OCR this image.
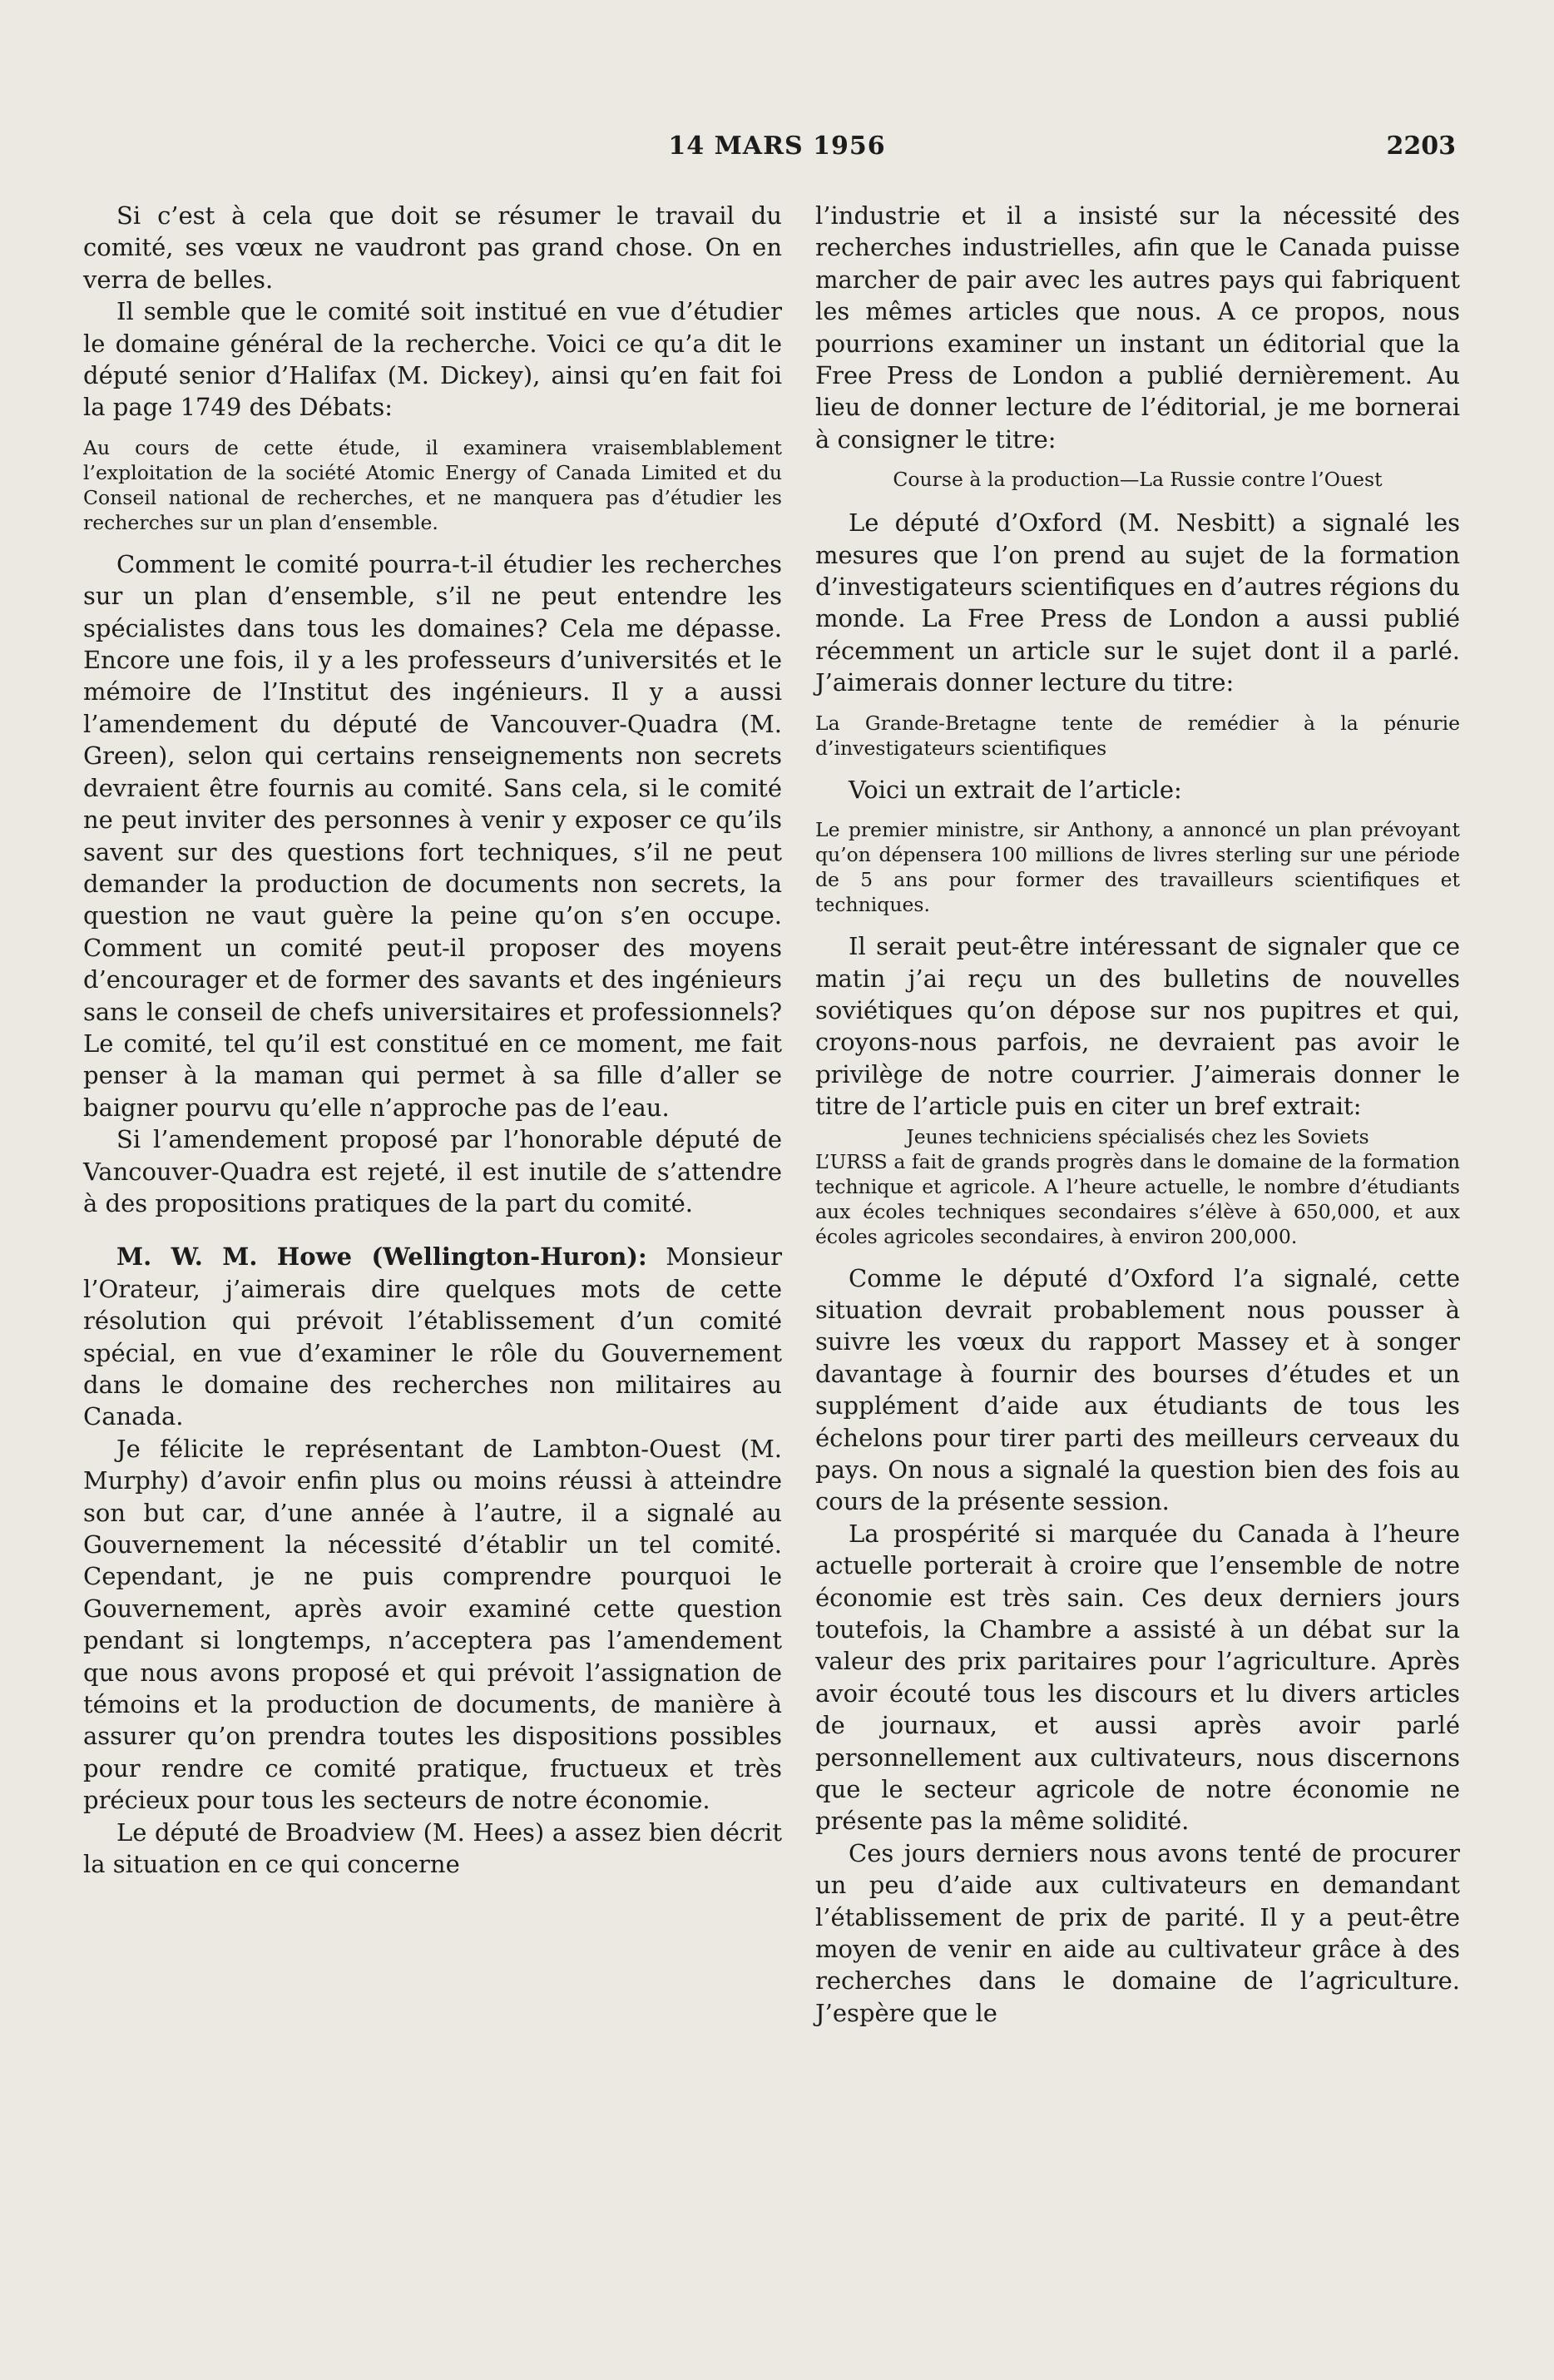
14 MARS 1956	2203

Si c’est à cela que doit se résumer le travail du comité, ses vœux ne vaudront pas grand chose. On en verra de belles.

Il semble que le comité soit institué en vue d’étudier le domaine général de la recherche. Voici ce qu’a dit le député senior d’Halifax (M. Dickey), ainsi qu’en fait foi la page 1749 des Débats:

Au cours de cette étude, il examinera vraisemblablement l’exploitation de la société Atomic Energy of Canada Limited et du Conseil national de recherches, et ne manquera pas d’étudier les recherches sur un plan d’ensemble.

Comment le comité pourra-t-il étudier les recherches sur un plan d’ensemble, s’il ne peut entendre les spécialistes dans tous les domaines? Cela me dépasse. Encore une fois, il y a les professeurs d’universités et le mémoire de l’Institut des ingénieurs. Il y a aussi l’amendement du député de Vancouver-Quadra (M. Green), selon qui certains renseignements non secrets devraient être fournis au comité. Sans cela, si le comité ne peut inviter des personnes à venir y exposer ce qu’ils savent sur des questions fort techniques, s’il ne peut demander la production de documents non secrets, la question ne vaut guère la peine qu’on s’en occupe. Comment un comité peut-il proposer des moyens d’encourager et de former des savants et des ingénieurs sans le conseil de chefs universitaires et professionnels? Le comité, tel qu’il est constitué en ce moment, me fait penser à la maman qui permet à sa fille d’aller se baigner pourvu qu’elle n’approche pas de l’eau.

Si l’amendement proposé par l’honorable député de Vancouver-Quadra est rejeté, il est inutile de s’attendre à des propositions pratiques de la part du comité.

M. W. M. Howe (Wellington-Huron): Monsieur l’Orateur, j’aimerais dire quelques mots de cette résolution qui prévoit l’établissement d’un comité spécial, en vue d’examiner le rôle du Gouvernement dans le domaine des recherches non militaires au Canada.

Je félicite le représentant de Lambton-Ouest (M. Murphy) d’avoir enfin plus ou moins réussi à atteindre son but car, d’une année à l’autre, il a signalé au Gouvernement la nécessité d’établir un tel comité. Cependant, je ne puis comprendre pourquoi le Gouvernement, après avoir examiné cette question pendant si longtemps, n’acceptera pas l’amendement que nous avons proposé et qui prévoit l’assignation de témoins et la production de documents, de manière à assurer qu’on prendra toutes les dispositions possibles pour rendre ce comité pratique, fructueux et très précieux pour tous les secteurs de notre économie.

Le député de Broadview (M. Hees) a assez bien décrit la situation en ce qui concerne

l’industrie et il a insisté sur la nécessité des recherches industrielles, afin que le Canada puisse marcher de pair avec les autres pays qui fabriquent les mêmes articles que nous. A ce propos, nous pourrions examiner un instant un éditorial que la Free Press de London a publié dernièrement. Au lieu de donner lecture de l’éditorial, je me bornerai à consigner le titre:

Course à la production—La Russie contre l’Ouest

Le député d’Oxford (M. Nesbitt) a signalé les mesures que l’on prend au sujet de la formation d’investigateurs scientifiques en d’autres régions du monde. La Free Press de London a aussi publié récemment un article sur le sujet dont il a parlé. J’aimerais donner lecture du titre:

La Grande-Bretagne tente de remédier à la pénurie d’investigateurs scientifiques

Voici un extrait de l’article:

Le premier ministre, sir Anthony, a annoncé un plan prévoyant qu’on dépensera 100 millions de livres sterling sur une période de 5 ans pour former des travailleurs scientifiques et techniques.

Il serait peut-être intéressant de signaler que ce matin j’ai reçu un des bulletins de nouvelles soviétiques qu’on dépose sur nos pupitres et qui, croyons-nous parfois, ne devraient pas avoir le privilège de notre courrier. J’aimerais donner le titre de l’article puis en citer un bref extrait:

Jeunes techniciens spécialisés chez les Soviets

L’URSS a fait de grands progrès dans le domaine de la formation technique et agricole. A l’heure actuelle, le nombre d’étudiants aux écoles techniques secondaires s’élève à 650,000, et aux écoles agricoles secondaires, à environ 200,000.

Comme le député d’Oxford l’a signalé, cette situation devrait probablement nous pousser à suivre les vœux du rapport Massey et à songer davantage à fournir des bourses d’études et un supplément d’aide aux étudiants de tous les échelons pour tirer parti des meilleurs cerveaux du pays. On nous a signalé la question bien des fois au cours de la présente session.

La prospérité si marquée du Canada à l’heure actuelle porterait à croire que l’ensemble de notre économie est très sain. Ces deux derniers jours toutefois, la Chambre a assisté à un débat sur la valeur des prix paritaires pour l’agriculture. Après avoir écouté tous les discours et lu divers articles de journaux, et aussi après avoir parlé personnellement aux cultivateurs, nous discernons que le secteur agricole de notre économie ne présente pas la même solidité.

Ces jours derniers nous avons tenté de procurer un peu d’aide aux cultivateurs en demandant l’établissement de prix de parité. Il y a peut-être moyen de venir en aide au cultivateur grâce à des recherches dans le domaine de l’agriculture. J’espère que le
